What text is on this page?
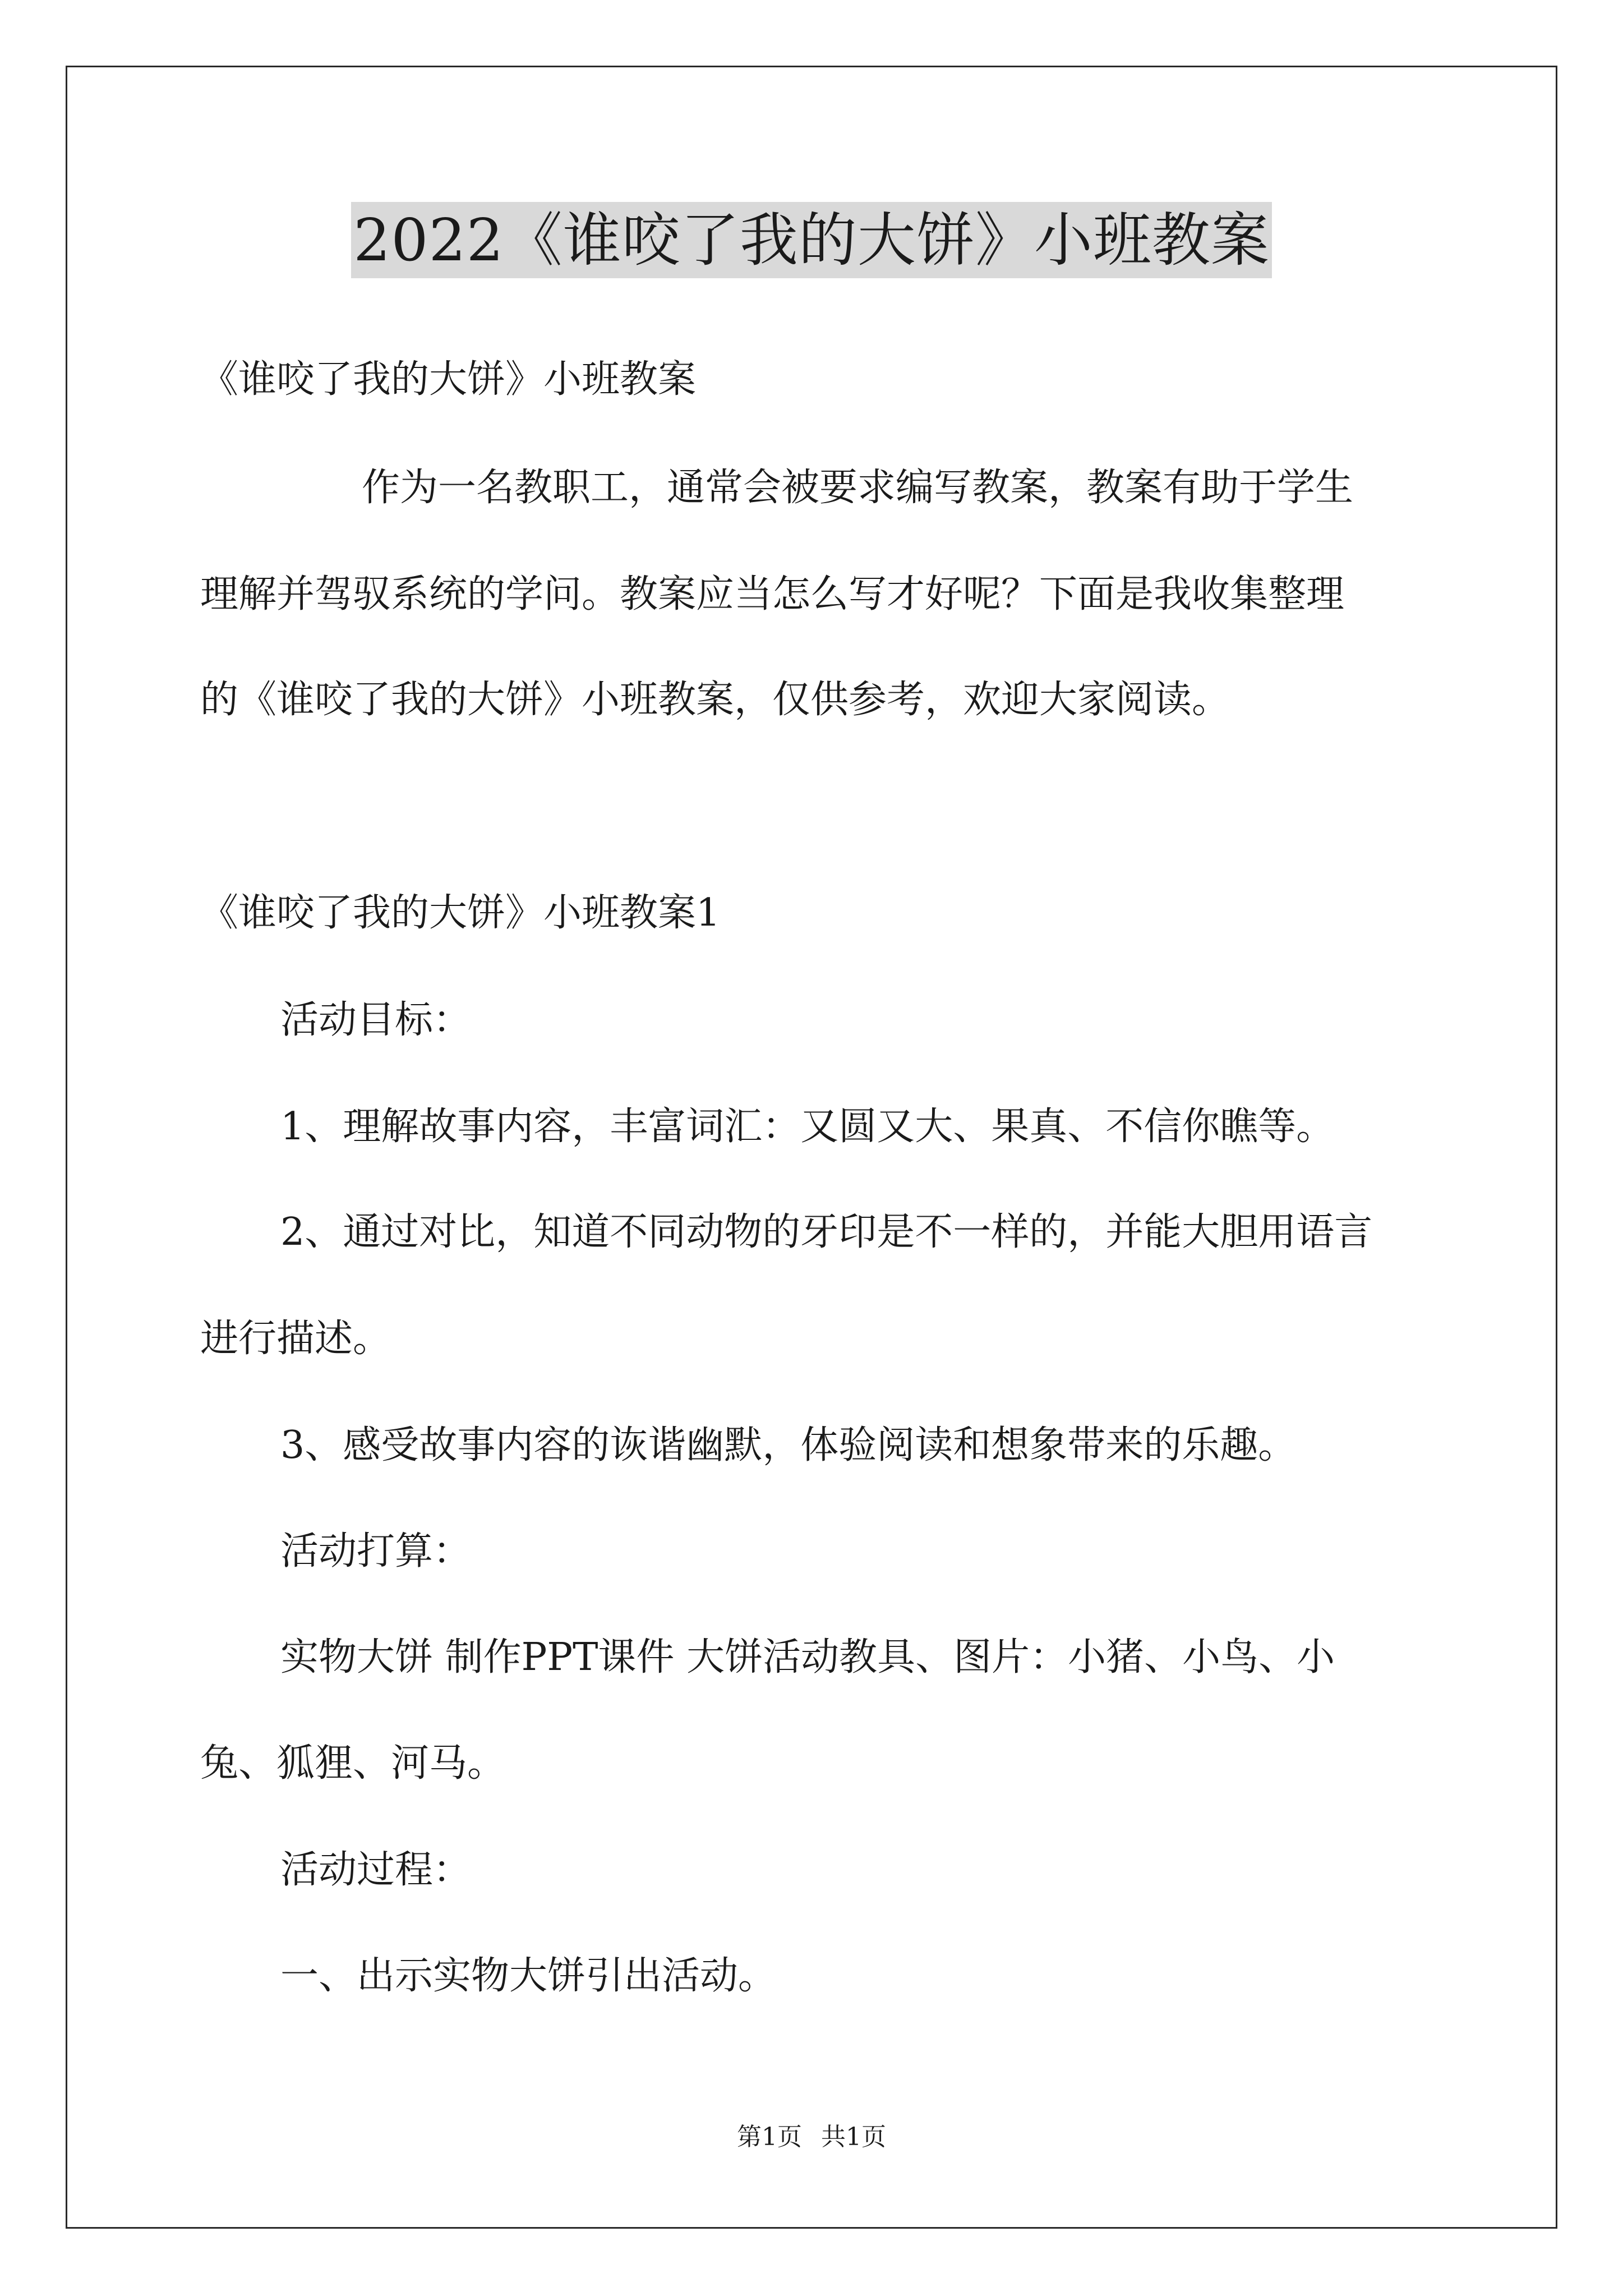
2022《谁咬了我的大饼》小班教案
《谁咬了我的大饼》小班教案
作为一名教职工，通常会被要求编写教案，教案有助于学生
理解并驾驭系统的学问。教案应当怎么写才好呢？下面是我收集整理
的《谁咬了我的大饼》小班教案，仅供参考，欢迎大家阅读。
《谁咬了我的大饼》小班教案1
活动目标：
1、理解故事内容，丰富词汇：又圆又大、果真、不信你瞧等。
2、通过对比，知道不同动物的牙印是不一样的，并能大胆用语言
进行描述。
3、感受故事内容的诙谐幽默，体验阅读和想象带来的乐趣。
活动打算：
实物大饼 制作PPT课件 大饼活动教具、图片：小猪、小鸟、小
兔、狐狸、河马。
活动过程：
一、出示实物大饼引出活动。
第1页 共1页
